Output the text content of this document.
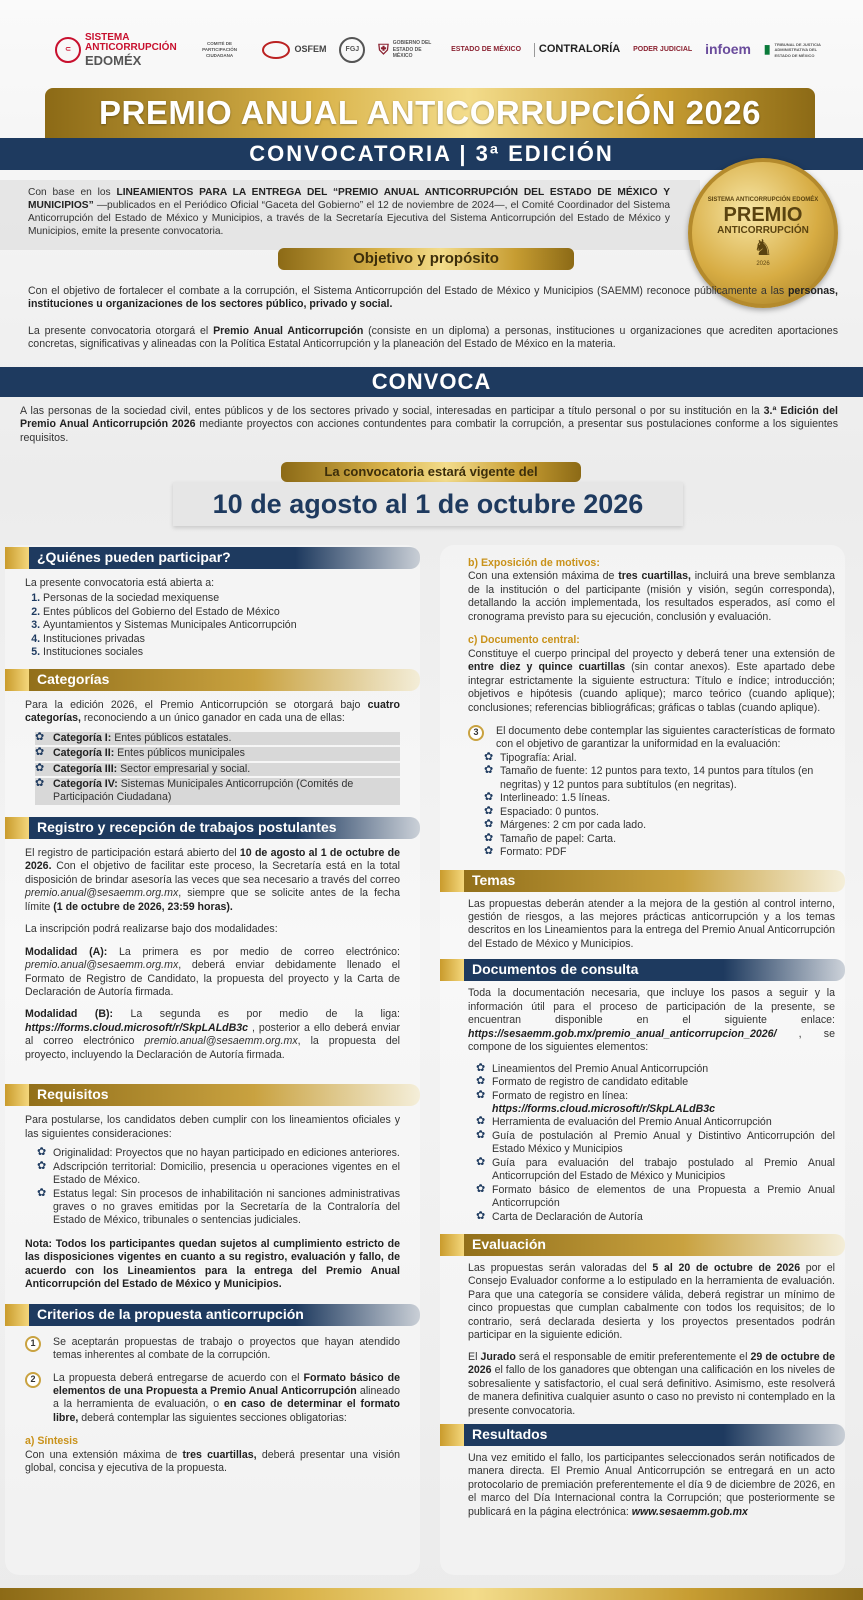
⊂
SISTEMA
ANTICORRUPCIÓN
EDOMÉX
COMITÉ DE PARTICIPACIÓN CIUDADANA
OSFEM	FGJ	⛨ GOBIERNO DEL ESTADO DE MÉXICO
ESTADO DE MÉXICO CONTRALORÍA PODER JUDICIAL infoem ▮ TRIBUNAL DE JUSTICIA ADMINISTRATIVA DEL ESTADO DE MÉXICO
PREMIO ANUAL ANTICORRUPCIÓN 2026
CONVOCATORIA | 3ª EDICIÓN
Con base en los LINEAMIENTOS PARA LA ENTREGA DEL “PREMIO ANUAL ANTICORRUPCIÓN DEL ESTADO DE MÉXICO Y MUNICIPIOS” —publicados en el Periódico Oficial “Gaceta del Gobierno” el 12 de noviembre de 2024—, el Comité Coordinador del Sistema Anticorrupción del Estado de México y Municipios, a través de la Secretaría Ejecutiva del Sistema Anticorrupción del Estado de México y Municipios, emite la presente convocatoria.
SISTEMA ANTICORRUPCIÓN EDOMÉX
PREMIO
ANTICORRUPCIÓN
♞
2026
Objetivo y propósito
Con el objetivo de fortalecer el combate a la corrupción, el Sistema Anticorrupción del Estado de México y Municipios (SAEMM) reconoce públicamente a las personas, instituciones u organizaciones de los sectores público, privado y social.
La presente convocatoria otorgará el Premio Anual Anticorrupción (consiste en un diploma) a personas, instituciones u organizaciones que acrediten aportaciones concretas, significativas y alineadas con la Política Estatal Anticorrupción y la planeación del Estado de México en la materia.
CONVOCA
A las personas de la sociedad civil, entes públicos y de los sectores privado y social, interesadas en participar a título personal o por su institución en la 3.ª Edición del Premio Anual Anticorrupción 2026 mediante proyectos con acciones contundentes para combatir la corrupción, a presentar sus postulaciones conforme a los siguientes requisitos.
La convocatoria estará vigente del
10 de agosto al 1 de octubre 2026
¿Quiénes pueden participar?
La presente convocatoria está abierta a:
1. Personas de la sociedad mexiquense
2. Entes públicos del Gobierno del Estado de México
3. Ayuntamientos y Sistemas Municipales Anticorrupción
4. Instituciones privadas
5. Instituciones sociales
Categorías
Para la edición 2026, el Premio Anticorrupción se otorgará bajo cuatro categorías, reconociendo a un único ganador en cada una de ellas:
✿ Categoría I: Entes públicos estatales.
✿ Categoría II: Entes públicos municipales
✿ Categoría III: Sector empresarial y social.
✿ Categoría IV: Sistemas Municipales Anticorrupción (Comités de Participación Ciudadana)
Registro y recepción de trabajos postulantes
El registro de participación estará abierto del 10 de agosto al 1 de octubre de 2026. Con el objetivo de facilitar este proceso, la Secretaría está en la total disposición de brindar asesoría las veces que sea necesario a través del correo premio.anual@sesaemm.org.mx, siempre que se solicite antes de la fecha límite (1 de octubre de 2026, 23:59 horas).
La inscripción podrá realizarse bajo dos modalidades:
Modalidad (A): La primera es por medio de correo electrónico: premio.anual@sesaemm.org.mx, deberá enviar debidamente llenado el Formato de Registro de Candidato, la propuesta del proyecto y la Carta de Declaración de Autoría firmada.
Modalidad (B): La segunda es por medio de la liga: https://forms.cloud.microsoft/r/SkpLALdB3c , posterior a ello deberá enviar al correo electrónico premio.anual@sesaemm.org.mx, la propuesta del proyecto, incluyendo la Declaración de Autoría firmada.
Requisitos
Para postularse, los candidatos deben cumplir con los lineamientos oficiales y las siguientes consideraciones:
✿ Originalidad: Proyectos que no hayan participado en ediciones anteriores.
✿ Adscripción territorial: Domicilio, presencia u operaciones vigentes en el Estado de México.
✿ Estatus legal: Sin procesos de inhabilitación ni sanciones administrativas graves o no graves emitidas por la Secretaría de la Contraloría del Estado de México, tribunales o sentencias judiciales.
Nota: Todos los participantes quedan sujetos al cumplimiento estricto de las disposiciones vigentes en cuanto a su registro, evaluación y fallo, de acuerdo con los Lineamientos para la entrega del Premio Anual Anticorrupción del Estado de México y Municipios.
Criterios de la propuesta anticorrupción
1	Se aceptarán propuestas de trabajo o proyectos que hayan atendido temas inherentes al combate de la corrupción.
2	La propuesta deberá entregarse de acuerdo con el Formato básico de elementos de una Propuesta a Premio Anual Anticorrupción alineado a la herramienta de evaluación, o en caso de determinar el formato libre, deberá contemplar las siguientes secciones obligatorias:
a) Síntesis
Con una extensión máxima de tres cuartillas, deberá presentar una visión global, concisa y ejecutiva de la propuesta.
b) Exposición de motivos:
Con una extensión máxima de tres cuartillas, incluirá una breve semblanza de la institución o del participante (misión y visión, según corresponda), detallando la acción implementada, los resultados esperados, así como el cronograma previsto para su ejecución, conclusión y evaluación.
c) Documento central:
Constituye el cuerpo principal del proyecto y deberá tener una extensión de entre diez y quince cuartillas (sin contar anexos). Este apartado debe integrar estrictamente la siguiente estructura: Título e índice; introducción; objetivos e hipótesis (cuando aplique); marco teórico (cuando aplique); conclusiones; referencias bibliográficas; gráficas o tablas (cuando aplique).
3	El documento debe contemplar las siguientes características de formato con el objetivo de garantizar la uniformidad en la evaluación:
✿ Tipografía: Arial.
✿ Tamaño de fuente: 12 puntos para texto, 14 puntos para títulos (en negritas) y 12 puntos para subtítulos (en negritas).
✿ Interlineado: 1.5 líneas.
✿ Espaciado: 0 puntos.
✿ Márgenes: 2 cm por cada lado.
✿ Tamaño de papel: Carta.
✿ Formato: PDF
Temas
Las propuestas deberán atender a la mejora de la gestión al control interno, gestión de riesgos, a las mejores prácticas anticorrupción y a los temas descritos en los Lineamientos para la entrega del Premio Anual Anticorrupción del Estado de México y Municipios.
Documentos de consulta
Toda la documentación necesaria, que incluye los pasos a seguir y la información útil para el proceso de participación de la presente, se encuentran disponible en el siguiente enlace: https://sesaemm.gob.mx/premio_anual_anticorrupcion_2026/ , se compone de los siguientes elementos:
✿ Lineamientos del Premio Anual Anticorrupción
✿ Formato de registro de candidato editable
✿ Formato de registro en línea:
https://forms.cloud.microsoft/r/SkpLALdB3c
✿ Herramienta de evaluación del Premio Anual Anticorrupción
✿ Guía de postulación al Premio Anual y Distintivo Anticorrupción del Estado México y Municipios
✿ Guía para evaluación del trabajo postulado al Premio Anual Anticorrupción del Estado de México y Municipios
✿ Formato básico de elementos de una Propuesta a Premio Anual Anticorrupción
✿ Carta de Declaración de Autoría
Evaluación
Las propuestas serán valoradas del 5 al 20 de octubre de 2026 por el Consejo Evaluador conforme a lo estipulado en la herramienta de evaluación. Para que una categoría se considere válida, deberá registrar un mínimo de cinco propuestas que cumplan cabalmente con todos los requisitos; de lo contrario, será declarada desierta y los proyectos presentados podrán participar en la siguiente edición.
El Jurado será el responsable de emitir preferentemente el 29 de octubre de 2026 el fallo de los ganadores que obtengan una calificación en los niveles de sobresaliente y satisfactorio, el cual será definitivo. Asimismo, este resolverá de manera definitiva cualquier asunto o caso no previsto ni contemplado en la presente convocatoria.
Resultados
Una vez emitido el fallo, los participantes seleccionados serán notificados de manera directa. El Premio Anual Anticorrupción se entregará en un acto protocolario de premiación preferentemente el día 9 de diciembre de 2026, en el marco del Día Internacional contra la Corrupción; que posteriormente se publicará en la página electrónica: www.sesaemm.gob.mx
